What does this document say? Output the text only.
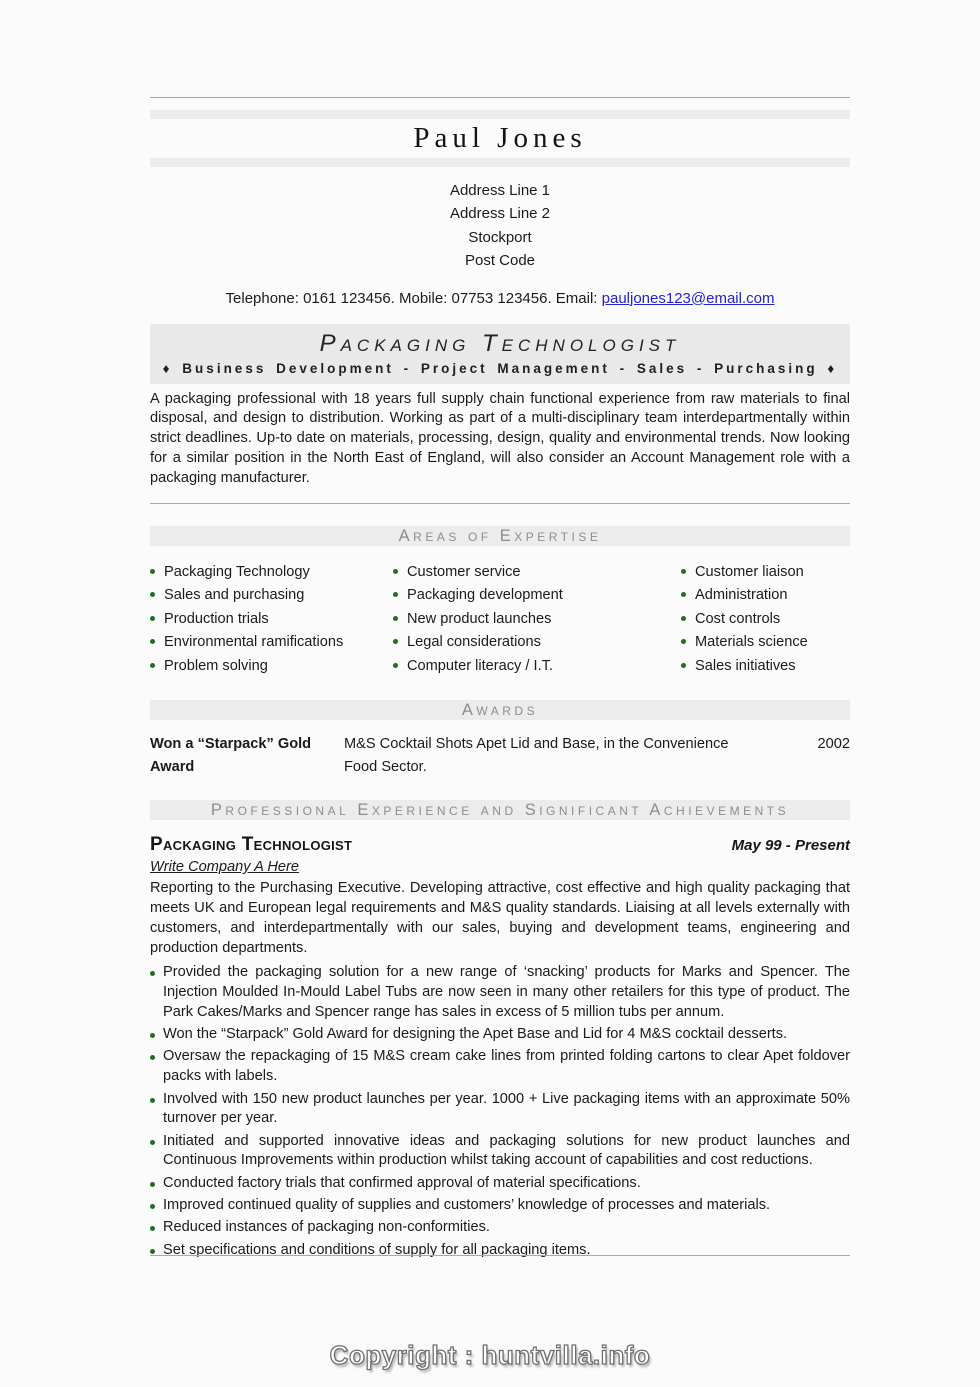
Paul Jones
Address Line 1
Address Line 2
Stockport
Post Code
Telephone: 0161 123456. Mobile: 07753 123456. Email: pauljones123@email.com
Packaging Technologist
♦ Business Development - Project Management - Sales - Purchasing ♦

A packaging professional with 18 years full supply chain functional experience from raw materials to final disposal, and design to distribution. Working as part of a multi-disciplinary team interdepartmentally within strict deadlines. Up-to date on materials, processing, design, quality and environmental trends. Now looking for a similar position in the North East of England, will also consider an Account Management role with a packaging manufacturer.

Areas of Expertise
Packaging Technology
Sales and purchasing
Production trials
Environmental ramifications
Problem solving
Customer service
Packaging development
New product launches
Legal considerations
Computer literacy / I.T.
Customer liaison
Administration
Cost controls
Materials science
Sales initiatives
Awards
Won a “Starpack” Gold Award
M&S Cocktail Shots Apet Lid and Base, in the Convenience Food Sector.
2002
Professional Experience and Significant Achievements
Packaging Technologist	May 99 - Present
Write Company A Here

Reporting to the Purchasing Executive. Developing attractive, cost effective and high quality packaging that meets UK and European legal requirements and M&S quality standards. Liaising at all levels externally with customers, and interdepartmentally with our sales, buying and development teams, engineering and production departments.

Provided the packaging solution for a new range of ‘snacking’ products for Marks and Spencer. The Injection Moulded In-Mould Label Tubs are now seen in many other retailers for this type of product. The Park Cakes/Marks and Spencer range has sales in excess of 5 million tubs per annum.
Won the “Starpack” Gold Award for designing the Apet Base and Lid for 4 M&S cocktail desserts.
Oversaw the repackaging of 15 M&S cream cake lines from printed folding cartons to clear Apet foldover packs with labels.
Involved with 150 new product launches per year. 1000 + Live packaging items with an approximate 50% turnover per year.
Initiated and supported innovative ideas and packaging solutions for new product launches and Continuous Improvements within production whilst taking account of capabilities and cost reductions.
Conducted factory trials that confirmed approval of material specifications.
Improved continued quality of supplies and customers’ knowledge of processes and materials.
Reduced instances of packaging non-conformities.
Set specifications and conditions of supply for all packaging items.
Copyright : huntvilla.info
